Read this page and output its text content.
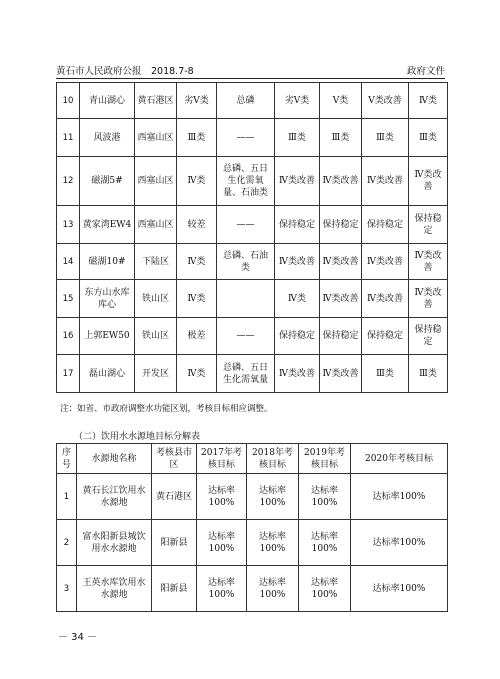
黄石市人民政府公报　2018.7-8	政府文件
10	青山湖心	黄石港区	劣Ⅴ类	总磷	劣Ⅴ类	Ⅴ类	Ⅴ类改善	Ⅳ类
11	风波港	西塞山区	Ⅲ类	——	Ⅲ类	Ⅲ类	Ⅲ类	Ⅲ类
12	磁湖5#	西塞山区	Ⅳ类	总磷、五日生化需氧量、石油类	Ⅳ类改善	Ⅳ类改善	Ⅳ类改善	Ⅳ类改善
13	黄家湾EW4	西塞山区	较差	——	保持稳定	保持稳定	保持稳定	保持稳定
14	磁湖10#	下陆区	Ⅳ类	总磷、石油类	Ⅳ类改善	Ⅳ类改善	Ⅳ类改善	Ⅳ类改善
15	东方山水库库心	铁山区	Ⅳ类		Ⅳ类	Ⅳ类改善	Ⅳ类改善	Ⅳ类改善
16	上郭EW50	铁山区	极差	——	保持稳定	保持稳定	保持稳定	保持稳定
17	磊山湖心	开发区	Ⅳ类	总磷、五日生化需氧量	Ⅳ类改善	Ⅳ类改善	Ⅲ类	Ⅲ类
注：如省、市政府调整水功能区划，考核目标相应调整。
（二）饮用水水源地目标分解表
序号	水源地名称	考核县市区	2017年考核目标	2018年考核目标	2019年考核目标	2020年考核目标
1	黄石长江饮用水水源地	黄石港区	达标率100%	达标率100%	达标率100%	达标率100%
2	富水阳新县城饮用水水源地	阳新县	达标率100%	达标率100%	达标率100%	达标率100%
3	王英水库饮用水水源地	阳新县	达标率100%	达标率100%	达标率100%	达标率100%
－ 34 －
